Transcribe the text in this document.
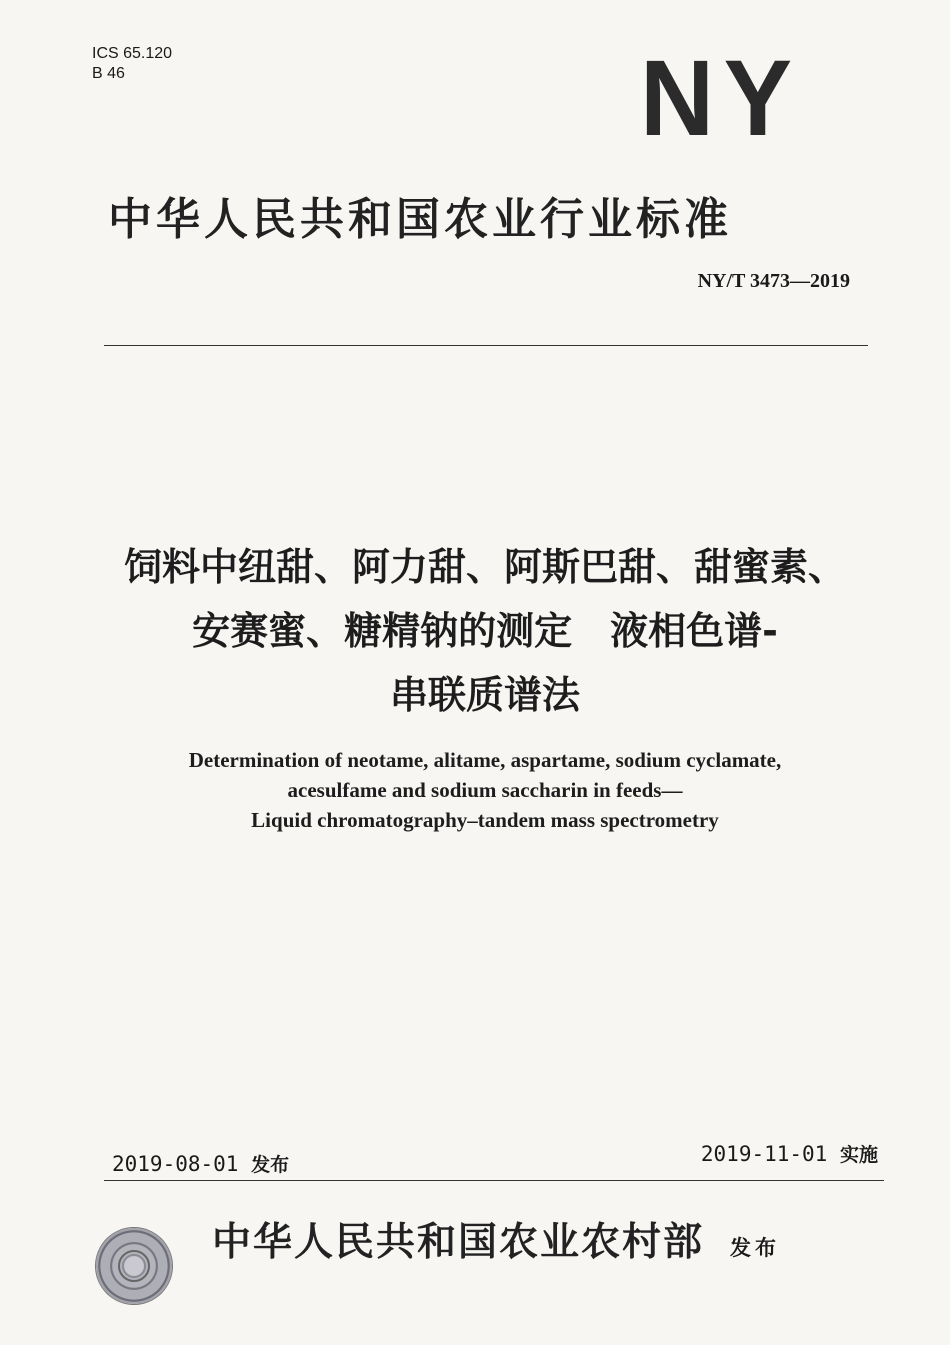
ICS 65.120
B 46	NY
中华人民共和国农业行业标准
NY/T 3473—2019
饲料中纽甜、阿力甜、阿斯巴甜、甜蜜素、
安赛蜜、糖精钠的测定　液相色谱-
串联质谱法
Determination of neotame, alitame, aspartame, sodium cyclamate,
acesulfame and sodium saccharin in feeds—
Liquid chromatography–tandem mass spectrometry
2019-08-01 发布	2019-11-01 实施
中华人民共和国农业农村部 发布
